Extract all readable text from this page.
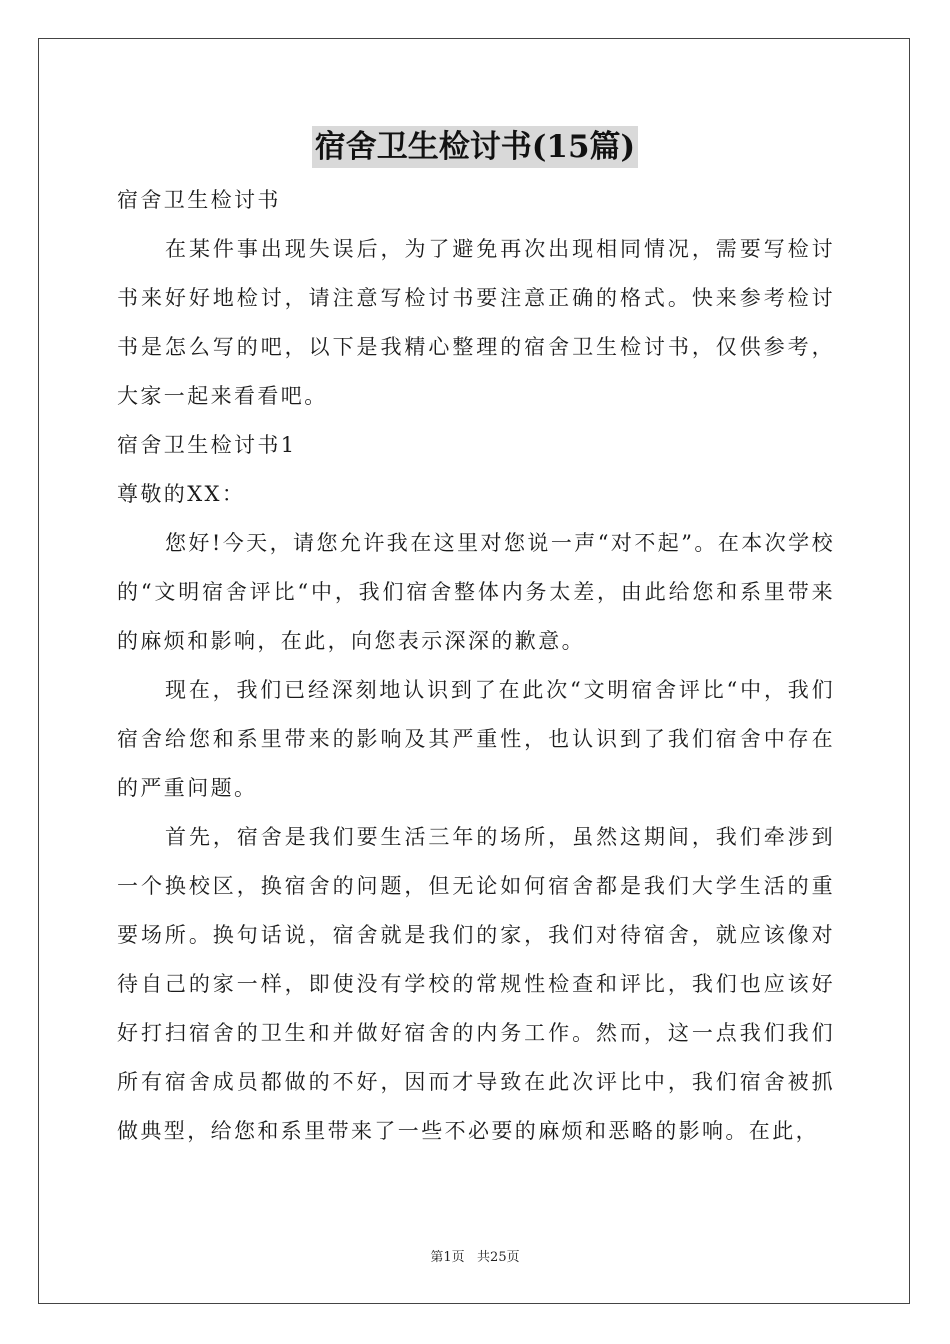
宿舍卫生检讨书(15篇)

宿舍卫生检讨书

在某件事出现失误后，为了避免再次出现相同情况，需要写检讨书来好好地检讨，请注意写检讨书要注意正确的格式。快来参考检讨书是怎么写的吧，以下是我精心整理的宿舍卫生检讨书，仅供参考，大家一起来看看吧。

宿舍卫生检讨书1

尊敬的XX：

您好!今天，请您允许我在这里对您说一声“对不起”。在本次学校的“文明宿舍评比“中，我们宿舍整体内务太差，由此给您和系里带来的麻烦和影响，在此，向您表示深深的歉意。

现在，我们已经深刻地认识到了在此次“文明宿舍评比“中，我们宿舍给您和系里带来的影响及其严重性，也认识到了我们宿舍中存在的严重问题。

首先，宿舍是我们要生活三年的场所，虽然这期间，我们牵涉到一个换校区，换宿舍的问题，但无论如何宿舍都是我们大学生活的重要场所。换句话说，宿舍就是我们的家，我们对待宿舍，就应该像对待自己的家一样，即使没有学校的常规性检查和评比，我们也应该好好打扫宿舍的卫生和并做好宿舍的内务工作。然而，这一点我们我们所有宿舍成员都做的不好，因而才导致在此次评比中，我们宿舍被抓做典型，给您和系里带来了一些不必要的麻烦和恶略的影响。在此，

第1页   共25页
